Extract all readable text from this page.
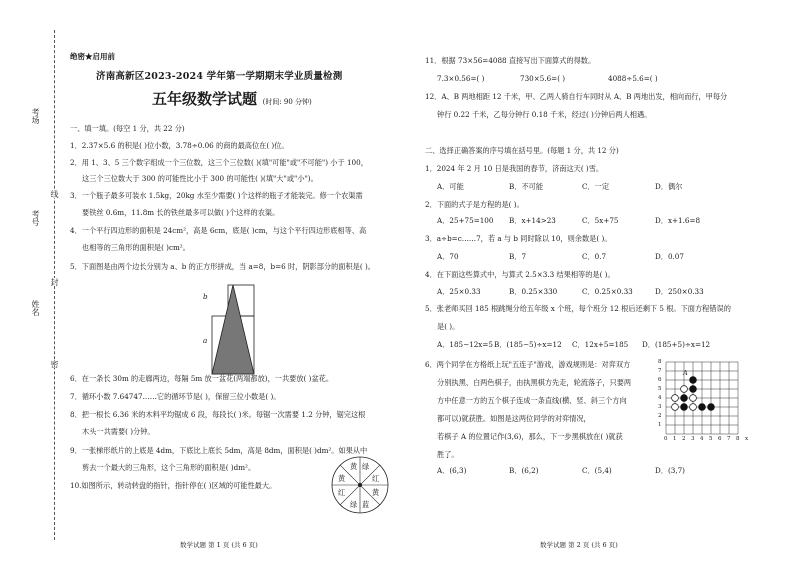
考场
考号
姓名
线
封
密
绝密★启用前
济南高新区2023-2024 学年第一学期期末学业质量检测
五年级数学试题 (时间: 90 分钟)
一、填一填。(每空 1 分，共 22 分)
1．2.37×5.6 的积是( )位小数，3.78÷0.06 的商的最高位在( )位。
2．用 1、3、5 三个数字组成一个三位数，这三个三位数( )(填"可能"或"不可能") 小于 100，
这三个三位数大于 300 的可能性比小于 300 的可能性( )(填"大"或"小")。
3．一个瓶子最多可装水 1.5kg，20kg 水至少需要( )个这样的瓶子才能装完。修一个农渠需
要铁丝 0.6m，11.8m 长的铁丝最多可以做( )个这样的农渠。
4．一个平行四边形的面积是 24cm²，高是 6cm，底是( )cm，与这个平行四边形底相等、高
也相等的三角形的面积是( )cm²。
5．下面图是由两个边长分别为 a、b 的正方形拼成，当 a=8，b=6 时，阴影部分的面积是( )。
b
a
6．在一条长 30m 的走廊两边，每隔 5m 放一盆花(两端都放)，一共要放( )盆花。
7．循环小数 7.64747……它的循环节是( )，保留三位小数是( )。
8．把一根长 6.36 米的木料平均锯成 6 段，每段长( )米。每锯一次需要 1.2 分钟，锯完这根
木头一共需要( )分钟。
9．一张梯形纸片的上底是 4dm，下底比上底长 5dm，高是 8dm，面积是( )dm²。如果从中
剪去一个最大的三角形，这个三角形的面积是( )dm²。
10.如图所示，转动转盘的指针，指针停在( )区域的可能性最大。
黄 绿
红
黄
蓝
绿
红
黄
数学试题 第 1 页 (共 6 页)
11．根据 73×56=4088 直接写出下面算式的得数。
7.3×0.56=( )	730×5.6=( )	4088÷5.6=( )
12．A、B 两地相距 12 千米，甲、乙两人骑自行车同时从 A、B 两地出发，相向而行，甲每分
钟行 0.22 千米，乙每分钟行 0.18 千米，经过( )分钟后两人相遇。
二、选择正确答案的序号填在括号里。(每题 1 分，共 12 分)
1．2024 年 2 月 10 日是我国的春节，济南这天( )雪。
A．可能	B．不可能	C．一定	D．偶尔
2．下面的式子是方程的是( )。
A．25+75=100 B．x+14>23	C．5x+75	D．x+1.6=8
3．a÷b=c……7，若 a 与 b 同时除以 10，则余数是( )。
A．70	B．7	C．0.7	D．0.07
4．在下面这些算式中，与算式 2.5×3.3 结果相等的是( )。
A．25×0.33	B．0.25×330	C．0.25×0.33	D．250×0.33
5．张老师买回 185 根跳绳分给五年级 x 个班，每个班分 12 根后还剩下 5 根。下面方程错误的
是( )。
A．185−12x=5 B．(185−5)÷x=12 C．12x+5=185 D．(185+5)÷x=12
6．两个同学在方格纸上玩"五连子"游戏，游戏规则是：对弈双方
分别执黑、白两色棋子，由执黑棋方先走，轮流落子，只要两
方中任意一方的五个棋子连成一条直线(横、竖、斜三个方向
都可以)就获胜。如图是这两位同学的对弈情况，
若棋子 A 的位置记作(3,6)，那么，下一步黑棋放在( )就获
胜了。
A．(6,3)	B．(6,2)	C．(5,4)	D．(3,7)
A
8
7
6
5
4
3
2
1
0 1 2 3 4 5 6 7 8 x
数学试题 第 2 页 (共 6 页)
